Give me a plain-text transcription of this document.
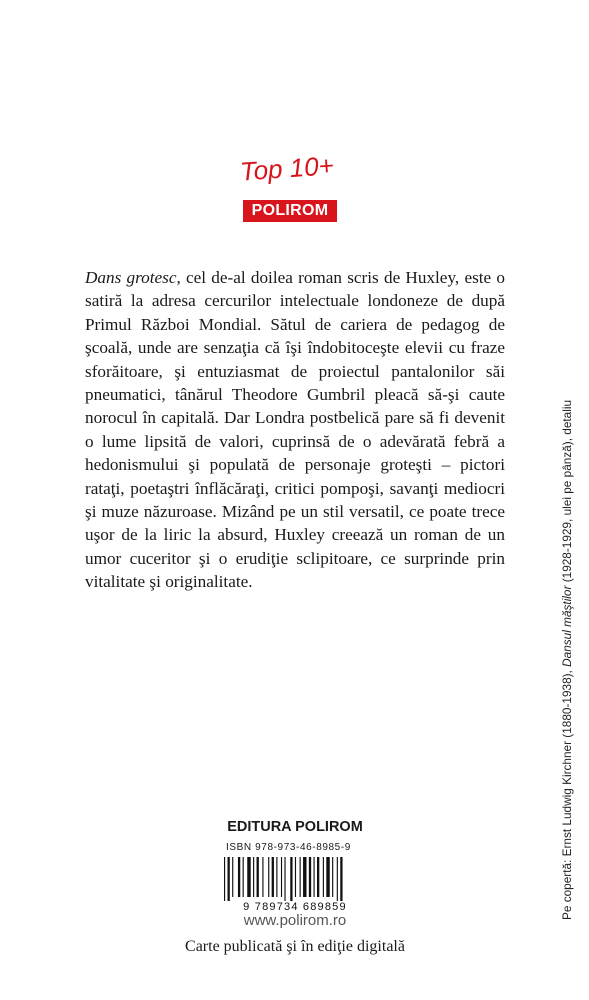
Top 10+
POLIROM
Dans grotesc, cel de-al doilea roman scris de Huxley, este o satiră la adresa cercurilor intelectuale londoneze de după Primul Război Mondial. Sătul de cariera de pedagog de şcoală, unde are senzaţia că îşi îndobitoceşte elevii cu fraze sforăitoare, şi entuziasmat de proiectul pantalonilor săi pneumatici, tânărul Theodore Gumbril pleacă să-şi caute norocul în capitală. Dar Londra postbelică pare să fi devenit o lume lipsită de valori, cuprinsă de o adevărată febră a hedonismului şi populată de personaje groteşti – pictori rataţi, poetaştri înflăcăraţi, critici pompoşi, savanţi mediocri şi muze năzuroase. Mizând pe un stil versatil, ce poate trece uşor de la liric la absurd, Huxley creează un roman de un umor cuceritor şi o erudiţie sclipitoare, ce surprinde prin vitalitate şi originalitate.
EDITURA POLIROM
ISBN 978-973-46-8985-9
9 789734 689859
www.polirom.ro
Carte publicată şi în ediţie digitală
Pe copertă: Ernst Ludwig Kirchner (1880-1938), Dansul măştilor (1928-1929, ulei pe pânză), detaliu
